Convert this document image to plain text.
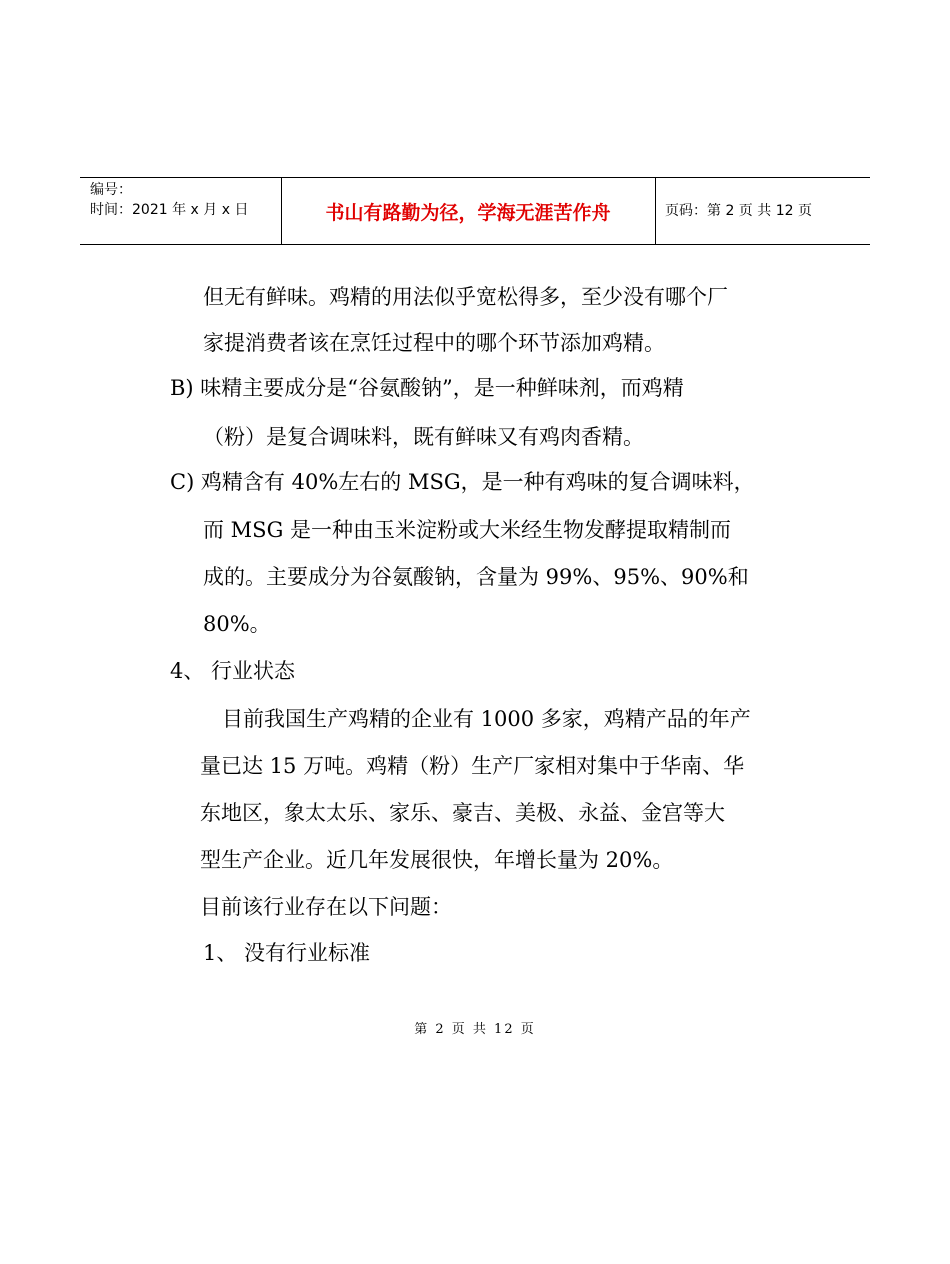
编号：
时间：2021 年 x 月 x 日	书山有路勤为径，学海无涯苦作舟	页码：第 2 页 共 12 页
但无有鲜味。鸡精的用法似乎宽松得多，至少没有哪个厂
家提消费者该在烹饪过程中的哪个环节添加鸡精。
B) 味精主要成分是“谷氨酸钠”，是一种鲜味剂，而鸡精
（粉）是复合调味料，既有鲜味又有鸡肉香精。
C) 鸡精含有 40%左右的 MSG，是一种有鸡味的复合调味料，
而 MSG 是一种由玉米淀粉或大米经生物发酵提取精制而
成的。主要成分为谷氨酸钠，含量为 99%、95%、90%和
80%。
4、 行业状态
目前我国生产鸡精的企业有 1000 多家，鸡精产品的年产
量已达 15 万吨。鸡精（粉）生产厂家相对集中于华南、华
东地区，象太太乐、家乐、豪吉、美极、永益、金宫等大
型生产企业。近几年发展很快，年增长量为 20%。
目前该行业存在以下问题：
1、 没有行业标准
第 2 页 共 12 页
